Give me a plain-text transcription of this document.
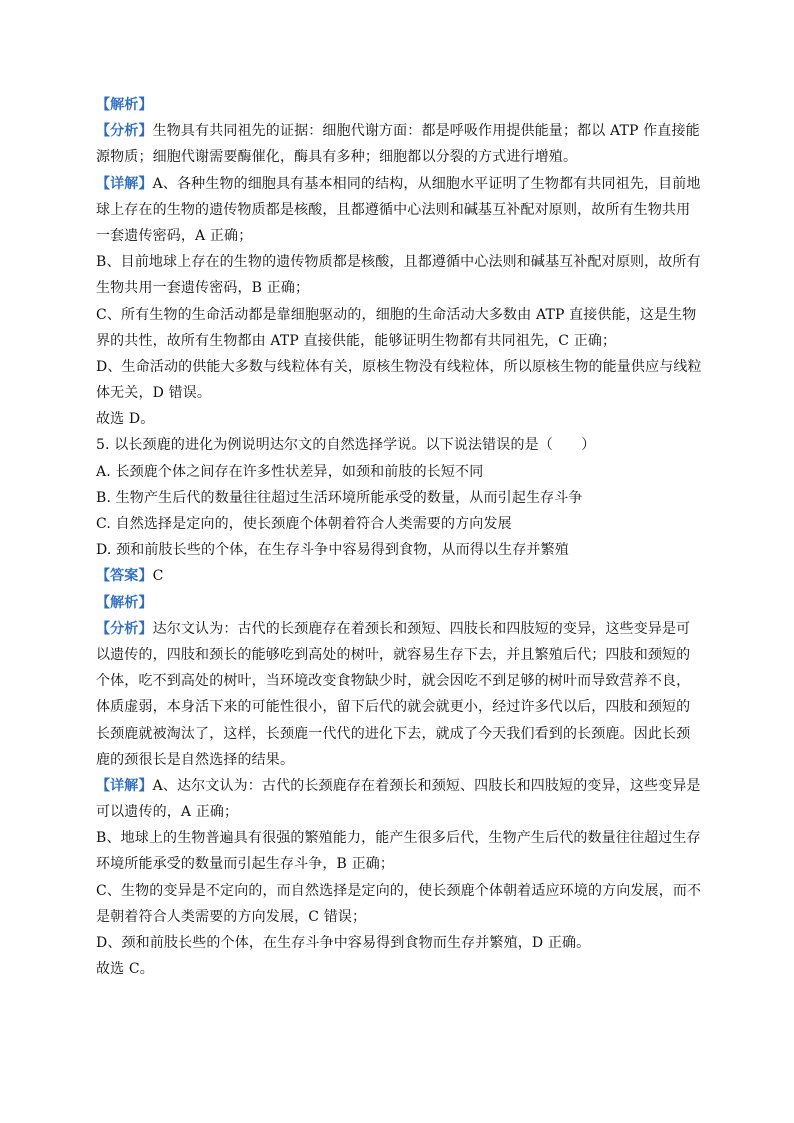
【解析】
【分析】生物具有共同祖先的证据：细胞代谢方面：都是呼吸作用提供能量；都以 ATP 作直接能
源物质；细胞代谢需要酶催化，酶具有多种；细胞都以分裂的方式进行增殖。
【详解】A、各种生物的细胞具有基本相同的结构，从细胞水平证明了生物都有共同祖先，目前地
球上存在的生物的遗传物质都是核酸，且都遵循中心法则和碱基互补配对原则，故所有生物共用
一套遗传密码，A 正确；
B、目前地球上存在的生物的遗传物质都是核酸，且都遵循中心法则和碱基互补配对原则，故所有
生物共用一套遗传密码，B 正确；
C、所有生物的生命活动都是靠细胞驱动的，细胞的生命活动大多数由 ATP 直接供能，这是生物
界的共性，故所有生物都由 ATP 直接供能，能够证明生物都有共同祖先，C 正确；
D、生命活动的供能大多数与线粒体有关，原核生物没有线粒体，所以原核生物的能量供应与线粒
体无关，D 错误。
故选 D。
5. 以长颈鹿的进化为例说明达尔文的自然选择学说。以下说法错误的是（　　）
A. 长颈鹿个体之间存在许多性状差异，如颈和前肢的长短不同
B. 生物产生后代的数量往往超过生活环境所能承受的数量，从而引起生存斗争
C. 自然选择是定向的，使长颈鹿个体朝着符合人类需要的方向发展
D. 颈和前肢长些的个体，在生存斗争中容易得到食物，从而得以生存并繁殖
【答案】C
【解析】
【分析】达尔文认为：古代的长颈鹿存在着颈长和颈短、四肢长和四肢短的变异，这些变异是可
以遗传的，四肢和颈长的能够吃到高处的树叶，就容易生存下去，并且繁殖后代；四肢和颈短的
个体，吃不到高处的树叶，当环境改变食物缺少时，就会因吃不到足够的树叶而导致营养不良，
体质虚弱，本身活下来的可能性很小，留下后代的就会就更小，经过许多代以后，四肢和颈短的
长颈鹿就被淘汰了，这样，长颈鹿一代代的进化下去，就成了今天我们看到的长颈鹿。因此长颈
鹿的颈很长是自然选择的结果。
【详解】A、达尔文认为：古代的长颈鹿存在着颈长和颈短、四肢长和四肢短的变异，这些变异是
可以遗传的，A 正确；
B、地球上的生物普遍具有很强的繁殖能力，能产生很多后代，生物产生后代的数量往往超过生存
环境所能承受的数量而引起生存斗争，B 正确；
C、生物的变异是不定向的，而自然选择是定向的，使长颈鹿个体朝着适应环境的方向发展，而不
是朝着符合人类需要的方向发展，C 错误；
D、颈和前肢长些的个体，在生存斗争中容易得到食物而生存并繁殖，D 正确。
故选 C。
